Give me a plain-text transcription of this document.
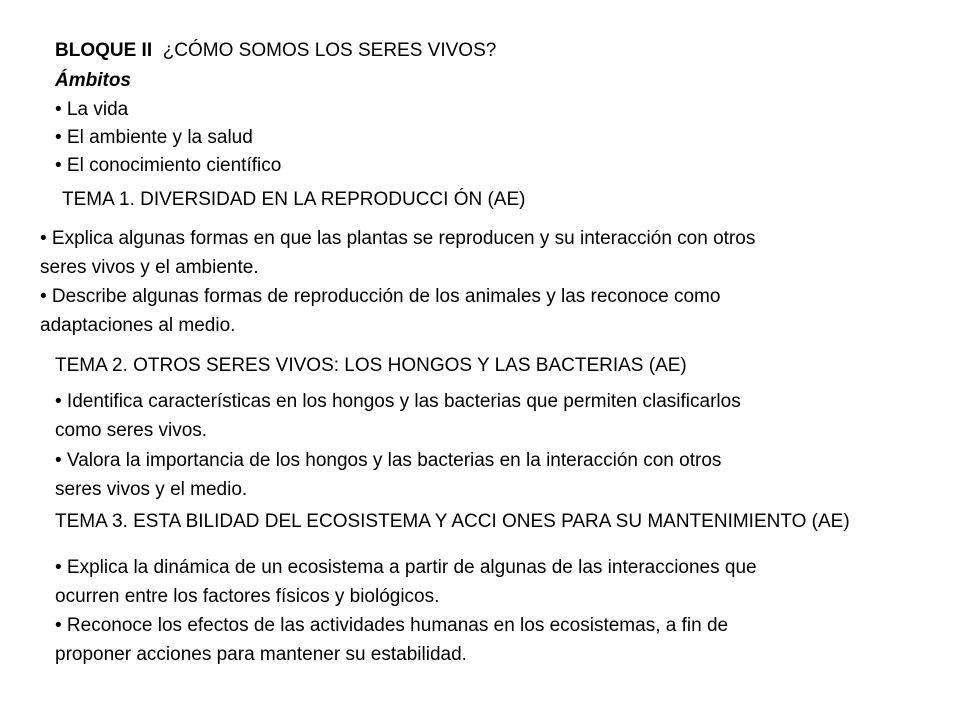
BLOQUE II ¿CÓMO SOMOS LOS SERES VIVOS?
Ámbitos
• La vida
• El ambiente y la salud
• El conocimiento científico
TEMA 1. DIVERSIDAD EN LA REPRODUCCI ÓN (AE)
• Explica algunas formas en que las plantas se reproducen y su interacción con otros
seres vivos y el ambiente.
• Describe algunas formas de reproducción de los animales y las reconoce como
adaptaciones al medio.
TEMA 2. OTROS SERES VIVOS: LOS HONGOS Y LAS BACTERIAS (AE)
• Identifica características en los hongos y las bacterias que permiten clasificarlos
como seres vivos.
• Valora la importancia de los hongos y las bacterias en la interacción con otros
seres vivos y el medio.
TEMA 3. ESTA BILIDAD DEL ECOSISTEMA Y ACCI ONES PARA SU MANTENIMIENTO (AE)
• Explica la dinámica de un ecosistema a partir de algunas de las interacciones que
ocurren entre los factores físicos y biológicos.
• Reconoce los efectos de las actividades humanas en los ecosistemas, a fin de
proponer acciones para mantener su estabilidad.
